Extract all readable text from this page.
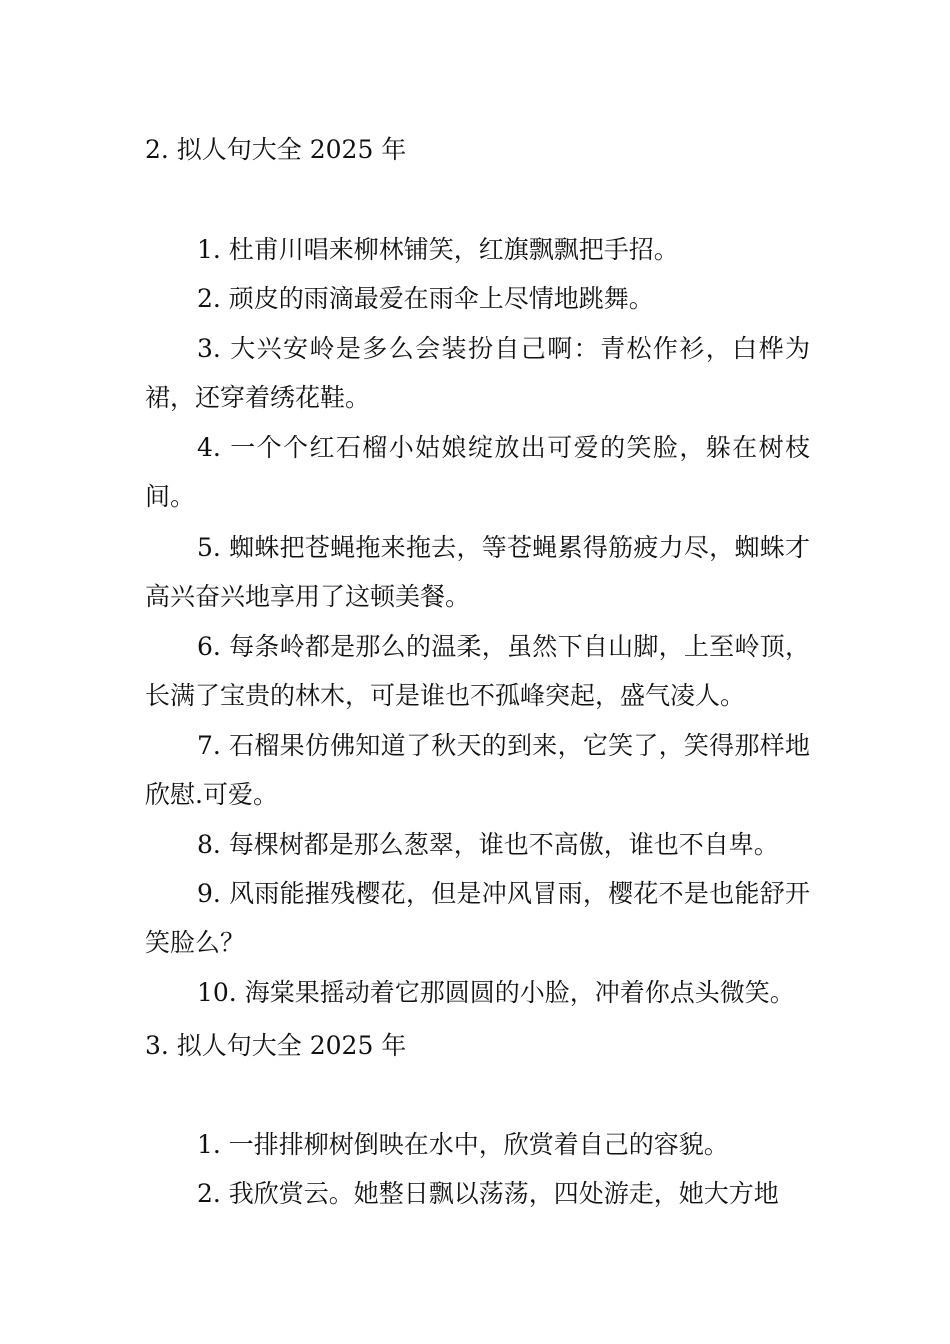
2. 拟人句大全 2025 年

1. 杜甫川唱来柳林铺笑，红旗飘飘把手招。

2. 顽皮的雨滴最爱在雨伞上尽情地跳舞。

3. 大兴安岭是多么会装扮自己啊：青松作衫，白桦为裙，还穿着绣花鞋。

4. 一个个红石榴小姑娘绽放出可爱的笑脸，躲在树枝间。

5. 蜘蛛把苍蝇拖来拖去，等苍蝇累得筋疲力尽，蜘蛛才高兴奋兴地享用了这顿美餐。

6. 每条岭都是那么的温柔，虽然下自山脚，上至岭顶，长满了宝贵的林木，可是谁也不孤峰突起，盛气凌人。

7. 石榴果仿佛知道了秋天的到来，它笑了，笑得那样地欣慰.可爱。

8. 每棵树都是那么葱翠，谁也不高傲，谁也不自卑。

9. 风雨能摧残樱花，但是冲风冒雨，樱花不是也能舒开笑脸么？

10. 海棠果摇动着它那圆圆的小脸，冲着你点头微笑。

3. 拟人句大全 2025 年

1. 一排排柳树倒映在水中，欣赏着自己的容貌。

2. 我欣赏云。她整日飘以荡荡，四处游走，她大方地
